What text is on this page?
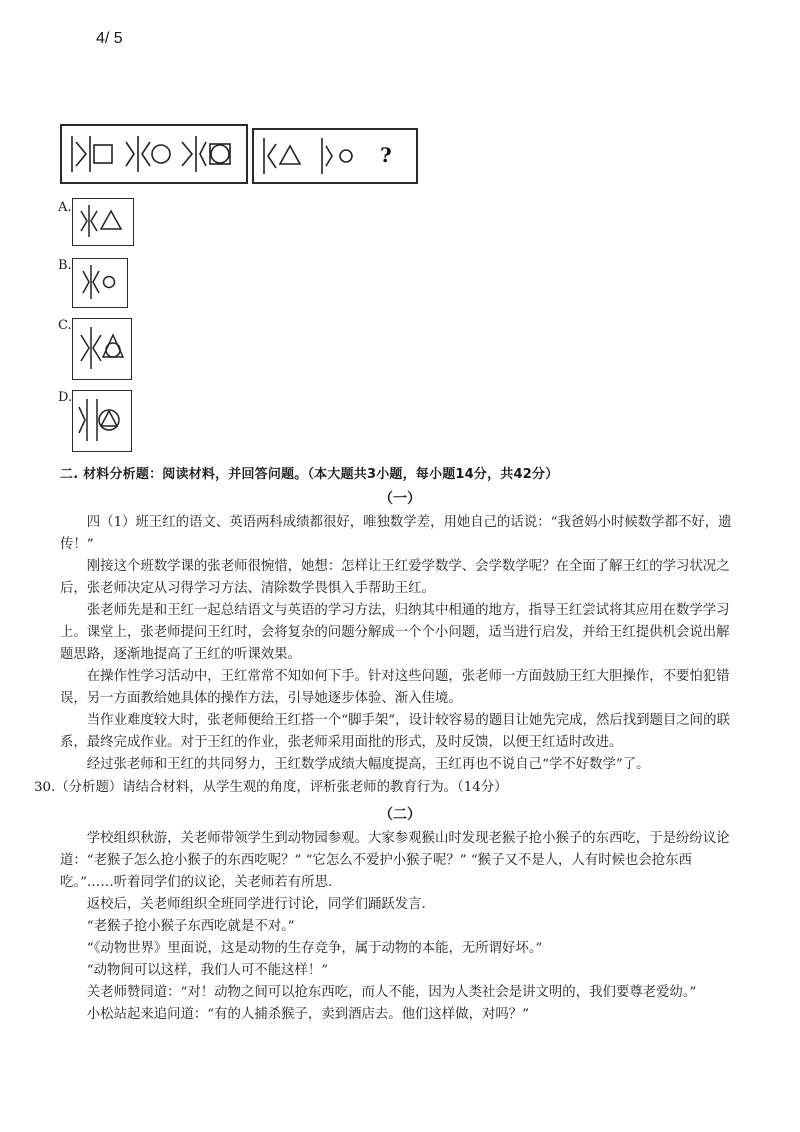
4/ 5
?
A.
B.
C.
D.
二. 材料分析题：阅读材料，并回答问题。（本大题共3小题，每小题14分，共42分）
（一）

四（1）班王红的语文、英语两科成绩都很好，唯独数学差，用她自己的话说：“我爸妈小时候数学都不好，遗传！”

刚接这个班数学课的张老师很惋惜，她想：怎样让王红爱学数学、会学数学呢？在全面了解王红的学习状况之后，张老师决定从习得学习方法、清除数学畏惧入手帮助王红。

张老师先是和王红一起总结语文与英语的学习方法，归纳其中相通的地方，指导王红尝试将其应用在数学学习上。课堂上，张老师提问王红时，会将复杂的问题分解成一个个小问题，适当进行启发，并给王红提供机会说出解题思路，逐渐地提高了王红的听课效果。

在操作性学习活动中，王红常常不知如何下手。针对这些问题，张老师一方面鼓励王红大胆操作，不要怕犯错误，另一方面教给她具体的操作方法，引导她逐步体验、渐入佳境。

当作业难度较大时，张老师便给王红搭一个“脚手架”，设计较容易的题目让她先完成，然后找到题目之间的联系，最终完成作业。对于王红的作业，张老师采用面批的形式，及时反馈，以便王红适时改进。

经过张老师和王红的共同努力，王红数学成绩大幅度提高，王红再也不说自己“学不好数学”了。

30.（分析题）请结合材料，从学生观的角度，评析张老师的教育行为。（14分）
（二）

学校组织秋游，关老师带领学生到动物园参观。大家参观猴山时发现老猴子抢小猴子的东西吃，于是纷纷议论道：“老猴子怎么抢小猴子的东西吃呢？” “它怎么不爱护小猴子呢？” “猴子又不是人，人有时候也会抢东西吃。”……听着同学们的议论，关老师若有所思.

返校后，关老师组织全班同学进行讨论，同学们踊跃发言.

“老猴子抢小猴子东西吃就是不对。”

“《动物世界》里面说，这是动物的生存竞争，属于动物的本能，无所谓好坏。”

“动物间可以这样，我们人可不能这样！”

关老师赞同道：“对！动物之间可以抢东西吃，而人不能，因为人类社会是讲文明的，我们要尊老爱幼。”

小松站起来追问道：“有的人捕杀猴子，卖到酒店去。他们这样做，对吗？”
